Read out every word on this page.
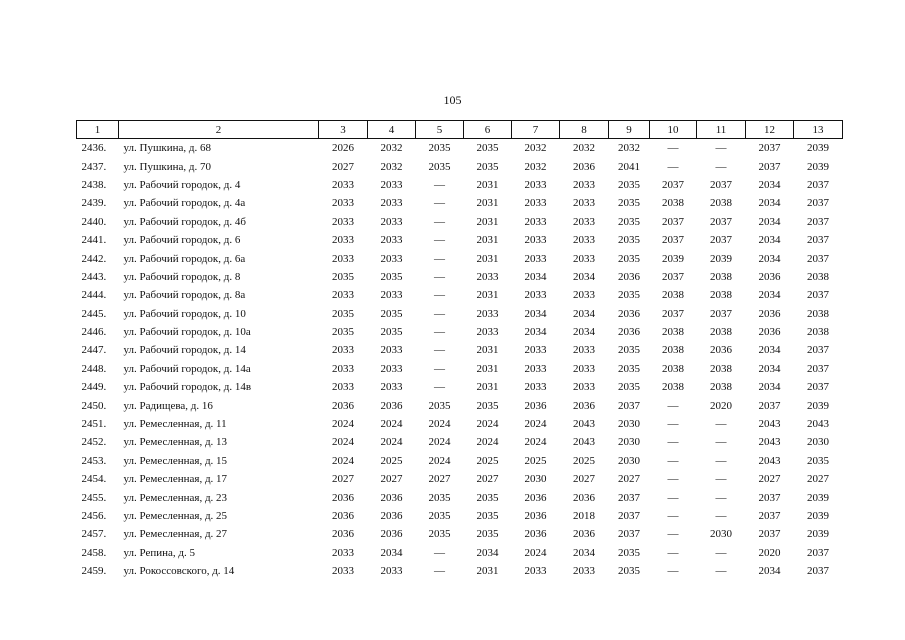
105
1	2	3	4	5	6	7	8	9	10	11	12	13
2436.	ул. Пушкина, д. 68	2026	2032	2035	2035	2032	2032	2032	—	—	2037	2039
2437.	ул. Пушкина, д. 70	2027	2032	2035	2035	2032	2036	2041	—	—	2037	2039
2438.	ул. Рабочий городок, д. 4	2033	2033	—	2031	2033	2033	2035	2037	2037	2034	2037
2439.	ул. Рабочий городок, д. 4а	2033	2033	—	2031	2033	2033	2035	2038	2038	2034	2037
2440.	ул. Рабочий городок, д. 4б	2033	2033	—	2031	2033	2033	2035	2037	2037	2034	2037
2441.	ул. Рабочий городок, д. 6	2033	2033	—	2031	2033	2033	2035	2037	2037	2034	2037
2442.	ул. Рабочий городок, д. 6а	2033	2033	—	2031	2033	2033	2035	2039	2039	2034	2037
2443.	ул. Рабочий городок, д. 8	2035	2035	—	2033	2034	2034	2036	2037	2038	2036	2038
2444.	ул. Рабочий городок, д. 8а	2033	2033	—	2031	2033	2033	2035	2038	2038	2034	2037
2445.	ул. Рабочий городок, д. 10	2035	2035	—	2033	2034	2034	2036	2037	2037	2036	2038
2446.	ул. Рабочий городок, д. 10а	2035	2035	—	2033	2034	2034	2036	2038	2038	2036	2038
2447.	ул. Рабочий городок, д. 14	2033	2033	—	2031	2033	2033	2035	2038	2036	2034	2037
2448.	ул. Рабочий городок, д. 14а	2033	2033	—	2031	2033	2033	2035	2038	2038	2034	2037
2449.	ул. Рабочий городок, д. 14в	2033	2033	—	2031	2033	2033	2035	2038	2038	2034	2037
2450.	ул. Радищева, д. 16	2036	2036	2035	2035	2036	2036	2037	—	2020	2037	2039
2451.	ул. Ремесленная, д. 11	2024	2024	2024	2024	2024	2043	2030	—	—	2043	2043
2452.	ул. Ремесленная, д. 13	2024	2024	2024	2024	2024	2043	2030	—	—	2043	2030
2453.	ул. Ремесленная, д. 15	2024	2025	2024	2025	2025	2025	2030	—	—	2043	2035
2454.	ул. Ремесленная, д. 17	2027	2027	2027	2027	2030	2027	2027	—	—	2027	2027
2455.	ул. Ремесленная, д. 23	2036	2036	2035	2035	2036	2036	2037	—	—	2037	2039
2456.	ул. Ремесленная, д. 25	2036	2036	2035	2035	2036	2018	2037	—	—	2037	2039
2457.	ул. Ремесленная, д. 27	2036	2036	2035	2035	2036	2036	2037	—	2030	2037	2039
2458.	ул. Репина, д. 5	2033	2034	—	2034	2024	2034	2035	—	—	2020	2037
2459.	ул. Рокоссовского, д. 14	2033	2033	—	2031	2033	2033	2035	—	—	2034	2037
